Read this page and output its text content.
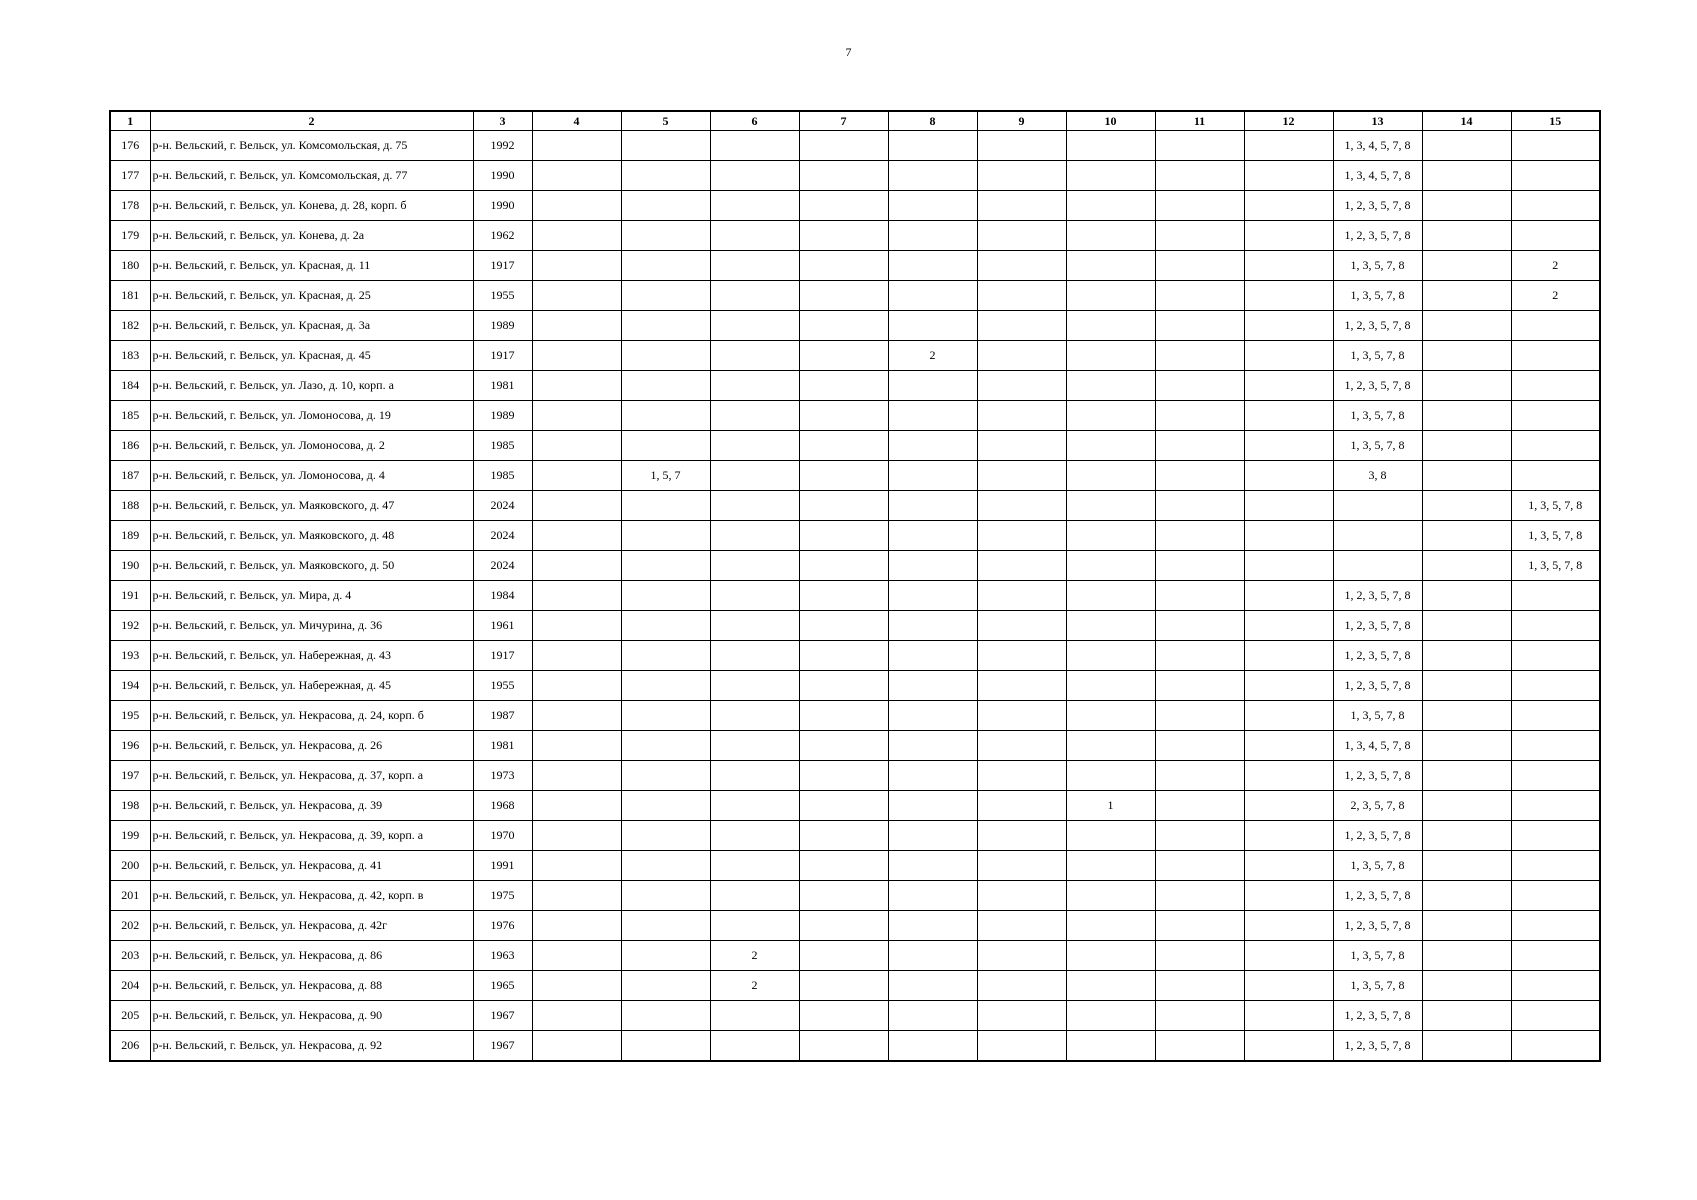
7
1	2	3	4	5	6	7	8	9	10	11	12	13	14	15
176	р-н. Вельский, г. Вельск, ул. Комсомольская, д. 75	1992										1, 3, 4, 5, 7, 8		
177	р-н. Вельский, г. Вельск, ул. Комсомольская, д. 77	1990										1, 3, 4, 5, 7, 8		
178	р-н. Вельский, г. Вельск, ул. Конева, д. 28, корп. б	1990										1, 2, 3, 5, 7, 8		
179	р-н. Вельский, г. Вельск, ул. Конева, д. 2а	1962										1, 2, 3, 5, 7, 8		
180	р-н. Вельский, г. Вельск, ул. Красная, д. 11	1917										1, 3, 5, 7, 8		2
181	р-н. Вельский, г. Вельск, ул. Красная, д. 25	1955										1, 3, 5, 7, 8		2
182	р-н. Вельский, г. Вельск, ул. Красная, д. 3а	1989										1, 2, 3, 5, 7, 8		
183	р-н. Вельский, г. Вельск, ул. Красная, д. 45	1917					2					1, 3, 5, 7, 8		
184	р-н. Вельский, г. Вельск, ул. Лазо, д. 10, корп. а	1981										1, 2, 3, 5, 7, 8		
185	р-н. Вельский, г. Вельск, ул. Ломоносова, д. 19	1989										1, 3, 5, 7, 8		
186	р-н. Вельский, г. Вельск, ул. Ломоносова, д. 2	1985										1, 3, 5, 7, 8		
187	р-н. Вельский, г. Вельск, ул. Ломоносова, д. 4	1985		1, 5, 7								3, 8		
188	р-н. Вельский, г. Вельск, ул. Маяковского, д. 47	2024												1, 3, 5, 7, 8
189	р-н. Вельский, г. Вельск, ул. Маяковского, д. 48	2024												1, 3, 5, 7, 8
190	р-н. Вельский, г. Вельск, ул. Маяковского, д. 50	2024												1, 3, 5, 7, 8
191	р-н. Вельский, г. Вельск, ул. Мира, д. 4	1984										1, 2, 3, 5, 7, 8		
192	р-н. Вельский, г. Вельск, ул. Мичурина, д. 36	1961										1, 2, 3, 5, 7, 8		
193	р-н. Вельский, г. Вельск, ул. Набережная, д. 43	1917										1, 2, 3, 5, 7, 8		
194	р-н. Вельский, г. Вельск, ул. Набережная, д. 45	1955										1, 2, 3, 5, 7, 8		
195	р-н. Вельский, г. Вельск, ул. Некрасова, д. 24, корп. б	1987										1, 3, 5, 7, 8		
196	р-н. Вельский, г. Вельск, ул. Некрасова, д. 26	1981										1, 3, 4, 5, 7, 8		
197	р-н. Вельский, г. Вельск, ул. Некрасова, д. 37, корп. а	1973										1, 2, 3, 5, 7, 8		
198	р-н. Вельский, г. Вельск, ул. Некрасова, д. 39	1968							1			2, 3, 5, 7, 8		
199	р-н. Вельский, г. Вельск, ул. Некрасова, д. 39, корп. а	1970										1, 2, 3, 5, 7, 8		
200	р-н. Вельский, г. Вельск, ул. Некрасова, д. 41	1991										1, 3, 5, 7, 8		
201	р-н. Вельский, г. Вельск, ул. Некрасова, д. 42, корп. в	1975										1, 2, 3, 5, 7, 8		
202	р-н. Вельский, г. Вельск, ул. Некрасова, д. 42г	1976										1, 2, 3, 5, 7, 8		
203	р-н. Вельский, г. Вельск, ул. Некрасова, д. 86	1963			2							1, 3, 5, 7, 8		
204	р-н. Вельский, г. Вельск, ул. Некрасова, д. 88	1965			2							1, 3, 5, 7, 8		
205	р-н. Вельский, г. Вельск, ул. Некрасова, д. 90	1967										1, 2, 3, 5, 7, 8		
206	р-н. Вельский, г. Вельск, ул. Некрасова, д. 92	1967										1, 2, 3, 5, 7, 8		
